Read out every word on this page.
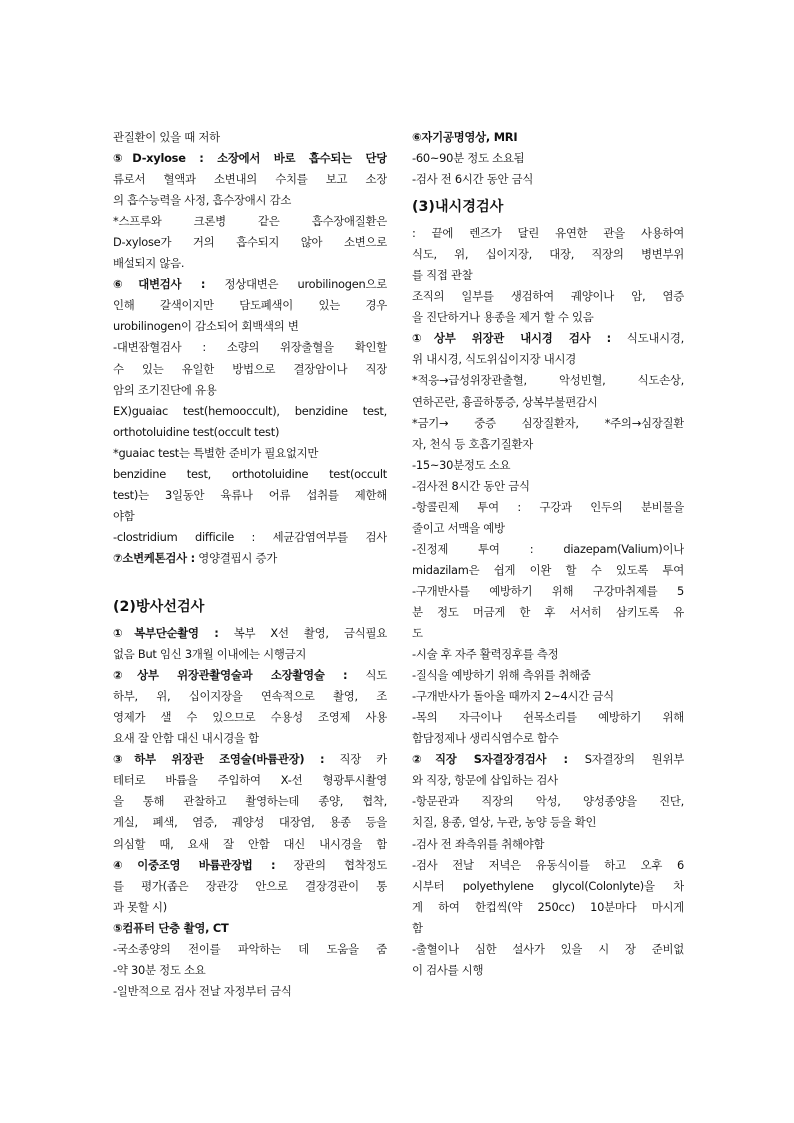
관질환이 있을 때 저하
⑤D-xylose : 소장에서 바로 흡수되는 단당
류로서 혈액과 소변내의 수치를 보고 소장
의 흡수능력을 사정, 흡수장애시 감소
*스프루와 크론병 같은 흡수장애질환은
D-xylose가 거의 흡수되지 않아 소변으로
배설되지 않음.
⑥대변검사 : 정상대변은 urobilinogen으로
인해 갈색이지만 담도폐색이 있는 경우
urobilinogen이 감소되어 회백색의 변
-대변잠혈검사 : 소량의 위장출혈을 확인할
수 있는 유일한 방법으로 결장암이나 직장
암의 조기진단에 유용
EX)guaiac test(hemooccult), benzidine test,
orthotoluidine test(occult test)
*guaiac test는 특별한 준비가 필요없지만
benzidine test, orthotoluidine test(occult
test)는 3일동안 육류나 어류 섭취를 제한해
야함
-clostridium difficile : 세균감염여부를 검사
⑦소변케톤검사 : 영양결핍시 증가
(2)방사선검사
①복부단순촬영 : 복부 X선 촬영, 금식필요
없음 But 임신 3개월 이내에는 시행금지
②상부 위장관촬영술과 소장촬영술 : 식도
하부, 위, 십이지장을 연속적으로 촬영, 조
영제가 샐 수 있으므로 수용성 조영제 사용
요새 잘 안함 대신 내시경을 함
③하부 위장관 조영술(바륨관장) : 직장 카
테터로 바륨을 주입하여 X-선 형광투시촬영
을 통해 관찰하고 촬영하는데 종양, 협착,
게실, 폐색, 염증, 궤양성 대장염, 용종 등을
의심할 때, 요새 잘 안함 대신 내시경을 함
④이중조영 바륨관장법 : 장관의 협착정도
를 평가(좁은 장관강 안으로 결장경관이 통
과 못할 시)
⑤컴퓨터 단층 촬영, CT
-국소종양의 전이를 파악하는 데 도움을 줌
-약 30분 정도 소요
-일반적으로 검사 전날 자정부터 금식
⑥자기공명영상, MRI
-60~90분 정도 소요됨
-검사 전 6시간 동안 금식
(3)내시경검사
: 끝에 렌즈가 달린 유연한 관을 사용하여
식도, 위, 십이지장, 대장, 직장의 병변부위
를 직접 관찰
조직의 일부를 생검하여 궤양이나 암, 염증
을 진단하거나 용종을 제거 할 수 있음
①상부 위장관 내시경 검사 : 식도내시경,
위 내시경, 식도위십이지장 내시경
*적응→급성위장관출혈, 악성빈혈, 식도손상,
연하곤란, 흉골하통증, 상복부불편감시
*금기→ 중증 심장질환자, *주의→심장질환
자, 천식 등 호흡기질환자
-15~30분정도 소요
-검사전 8시간 동안 금식
-항콜린제 투여 : 구강과 인두의 분비물을
줄이고 서맥을 예방
-진정제 투여 : diazepam(Valium)이나
midazilam은 쉽게 이완 할 수 있도록 투여
-구개반사를 예방하기 위해 구강마취제를 5
분 정도 머금게 한 후 서서히 삼키도록 유
도
-시술 후 자주 활력징후를 측정
-질식을 예방하기 위해 측위를 취해줌
-구개반사가 돌아올 때까지 2~4시간 금식
-목의 자극이나 쉰목소리를 예방하기 위해
함담정제나 생리식염수로 함수
②직장 S자결장경검사 : S자결장의 원위부
와 직장, 항문에 삽입하는 검사
-항문관과 직장의 악성, 양성종양을 진단,
치질, 용종, 열상, 누관, 농양 등을 확인
-검사 전 좌측위를 취해야함
-검사 전날 저녁은 유동식이를 하고 오후 6
시부터 polyethylene glycol(Colonlyte)을 차
게 하여 한컵씩(약 250cc) 10분마다 마시게
함
-출혈이나 심한 설사가 있을 시 장 준비없
이 검사를 시행
